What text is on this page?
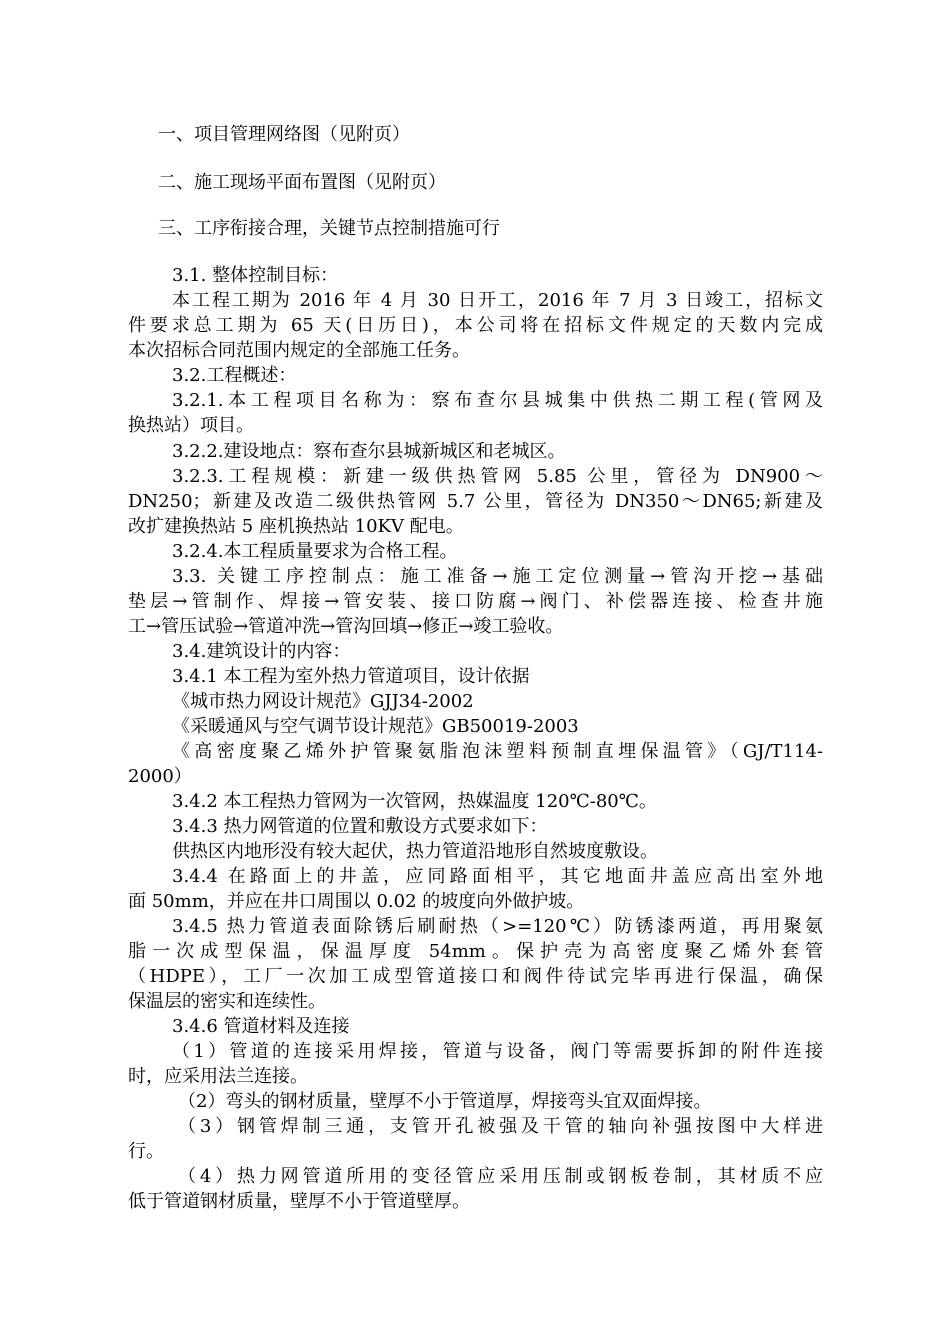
一、项目管理网络图（见附页）
二、施工现场平面布置图（见附页）
三、工序衔接合理，关键节点控制措施可行
3.1. 整体控制目标：
本工程工期为 2016 年 4 月 30 日开工，2016 年 7 月 3 日竣工，招标文
件要求总工期为 65 天(日历日)，本公司将在招标文件规定的天数内完成
本次招标合同范围内规定的全部施工任务。
3.2.工程概述：
3.2.1.本工程项目名称为：察布查尔县城集中供热二期工程(管网及
换热站）项目。
3.2.2.建设地点：察布查尔县城新城区和老城区。
3.2.3.工程规模：新建一级供热管网 5.85 公里，管径为 DN900～
DN250；新建及改造二级供热管网 5.7 公里，管径为 DN350～DN65;新建及
改扩建换热站 5 座机换热站 10KV 配电。
3.2.4.本工程质量要求为合格工程。
3.3. 关键工序控制点：施工准备→施工定位测量→管沟开挖→基础
垫层→管制作、焊接→管安装、接口防腐→阀门、补偿器连接、检查井施
工→管压试验→管道冲洗→管沟回填→修正→竣工验收。
3.4.建筑设计的内容：
3.4.1 本工程为室外热力管道项目，设计依据
《城市热力网设计规范》GJJ34-2002
《采暖通风与空气调节设计规范》GB50019-2003
《高密度聚乙烯外护管聚氨脂泡沫塑料预制直埋保温管》（GJ/T114-
2000）
3.4.2 本工程热力管网为一次管网，热媒温度 120℃-80℃。
3.4.3 热力网管道的位置和敷设方式要求如下：
供热区内地形没有较大起伏，热力管道沿地形自然坡度敷设。
3.4.4 在路面上的井盖，应同路面相平，其它地面井盖应高出室外地
面 50mm，并应在井口周围以 0.02 的坡度向外做护坡。
3.4.5 热力管道表面除锈后刷耐热（>=120℃）防锈漆两道，再用聚氨
脂一次成型保温，保温厚度 54mm。保护壳为高密度聚乙烯外套管
（HDPE），工厂一次加工成型管道接口和阀件待试完毕再进行保温，确保
保温层的密实和连续性。
3.4.6 管道材料及连接
（1）管道的连接采用焊接，管道与设备，阀门等需要拆卸的附件连接
时，应采用法兰连接。
（2）弯头的钢材质量，壁厚不小于管道厚，焊接弯头宜双面焊接。
（3）钢管焊制三通，支管开孔被强及干管的轴向补强按图中大样进
行。
（4）热力网管道所用的变径管应采用压制或钢板卷制，其材质不应
低于管道钢材质量，壁厚不小于管道壁厚。
